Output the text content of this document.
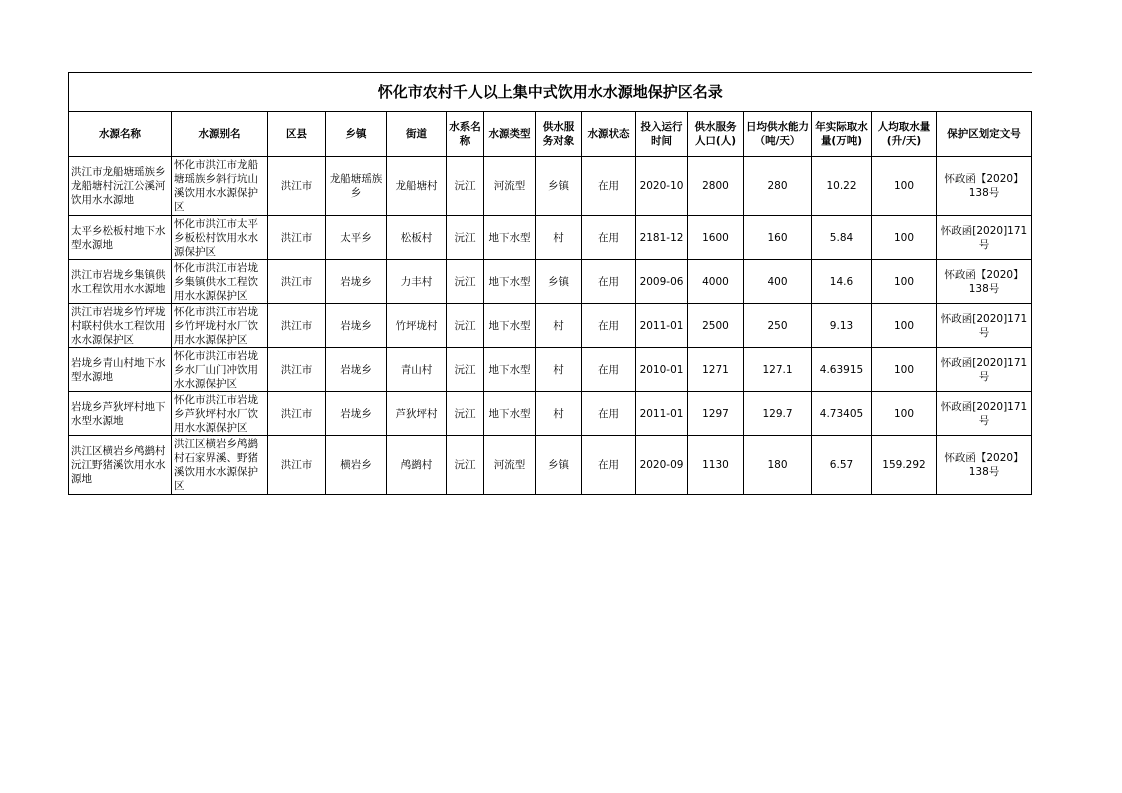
怀化市农村千人以上集中式饮用水水源地保护区名录														
水源名称	水源别名	区县	乡镇	街道	水系名称	水源类型	供水服务对象	水源状态	投入运行时间	供水服务人口(人)	日均供水能力（吨/天）	年实际取水量(万吨)	人均取水量(升/天)	保护区划定文号
洪江市龙船塘瑶族乡龙船塘村沅江公溪河饮用水水源地	怀化市洪江市龙船塘瑶族乡斜行坑山溪饮用水水源保护区	洪江市	龙船塘瑶族乡	龙船塘村	沅江	河流型	乡镇	在用	2020-10	2800	280	10.22	100	怀政函【2020】138号
太平乡松板村地下水型水源地	怀化市洪江市太平乡板松村饮用水水源保护区	洪江市	太平乡	松板村	沅江	地下水型	村	在用	2181-12	1600	160	5.84	100	怀政函[2020]171号
洪江市岩垅乡集镇供水工程饮用水水源地	怀化市洪江市岩垅乡集镇供水工程饮用水水源保护区	洪江市	岩垅乡	力丰村	沅江	地下水型	乡镇	在用	2009-06	4000	400	14.6	100	怀政函【2020】138号
洪江市岩垅乡竹坪垅村联村供水工程饮用水水源保护区	怀化市洪江市岩垅乡竹坪垅村水厂饮用水水源保护区	洪江市	岩垅乡	竹坪垅村	沅江	地下水型	村	在用	2011-01	2500	250	9.13	100	怀政函[2020]171号
岩垅乡青山村地下水型水源地	怀化市洪江市岩垅乡水厂山门冲饮用水水源保护区	洪江市	岩垅乡	青山村	沅江	地下水型	村	在用	2010-01	1271	127.1	4.63915	100	怀政函[2020]171号
岩垅乡芦狄坪村地下水型水源地	怀化市洪江市岩垅乡芦狄坪村水厂饮用水水源保护区	洪江市	岩垅乡	芦狄坪村	沅江	地下水型	村	在用	2011-01	1297	129.7	4.73405	100	怀政函[2020]171号
洪江区横岩乡鸬鹚村沅江野猪溪饮用水水源地	洪江区横岩乡鸬鹚村石家界溪、野猪溪饮用水水源保护区	洪江市	横岩乡	鸬鹚村	沅江	河流型	乡镇	在用	2020-09	1130	180	6.57	159.292	怀政函【2020】138号
